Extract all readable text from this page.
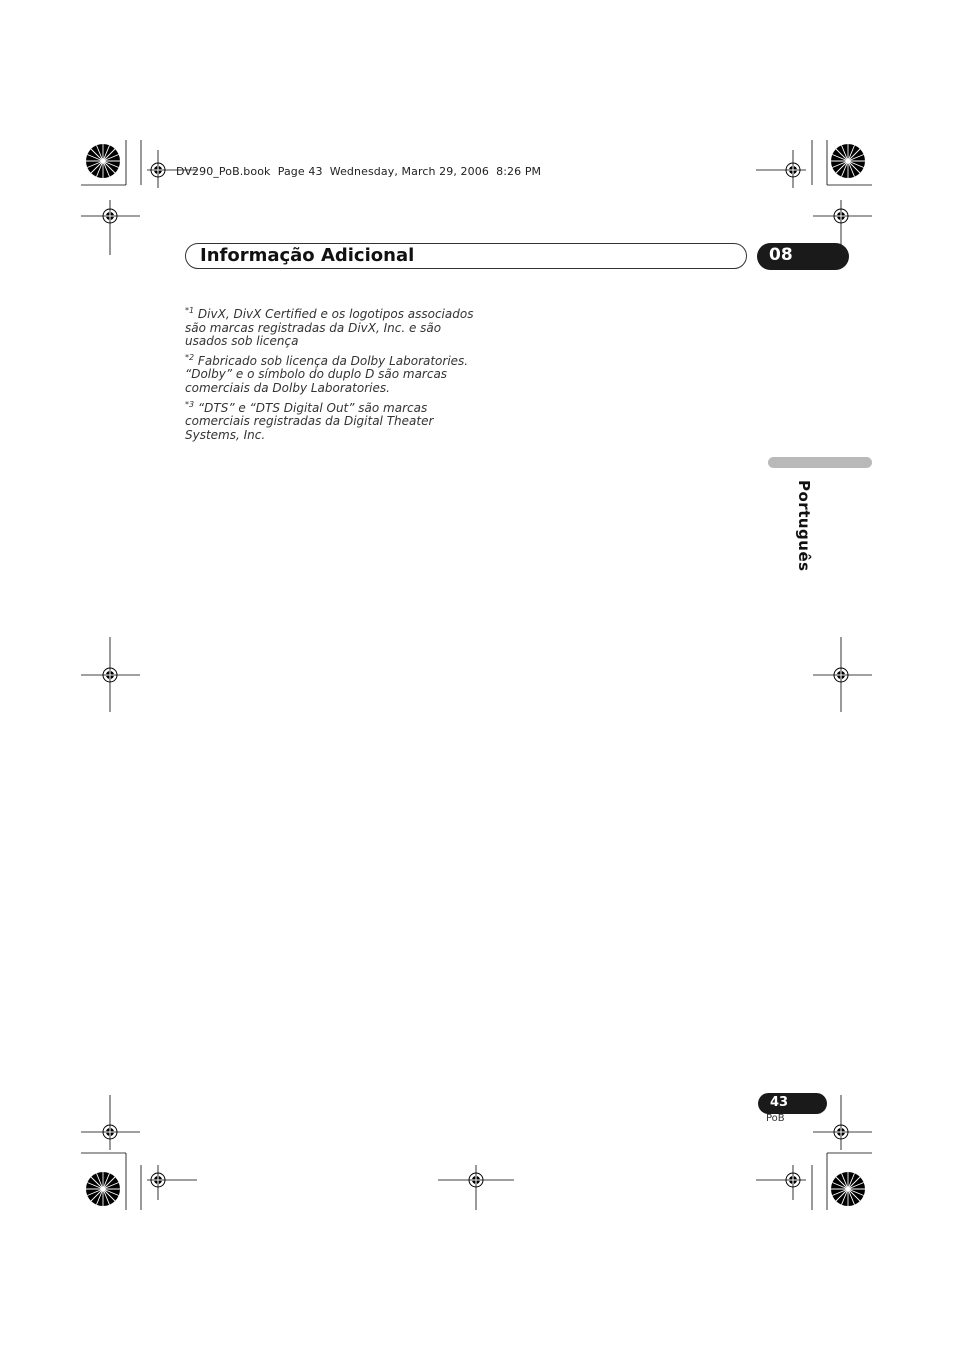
DV290_PoB.book  Page 43  Wednesday, March 29, 2006  8:26 PM
Informação Adicional	08

$^{*1}$ DivX, DivX Certified e os logotipos associados são marcas registradas da DivX, Inc. e são usados sob licença

$^{*2}$ Fabricado sob licença da Dolby Laboratories. “Dolby” e o símbolo do duplo D são marcas comerciais da Dolby Laboratories.

$^{*3}$ “DTS” e “DTS Digital Out” são marcas comerciais registradas da Digital Theater Systems, Inc.

Português
43
PoB
